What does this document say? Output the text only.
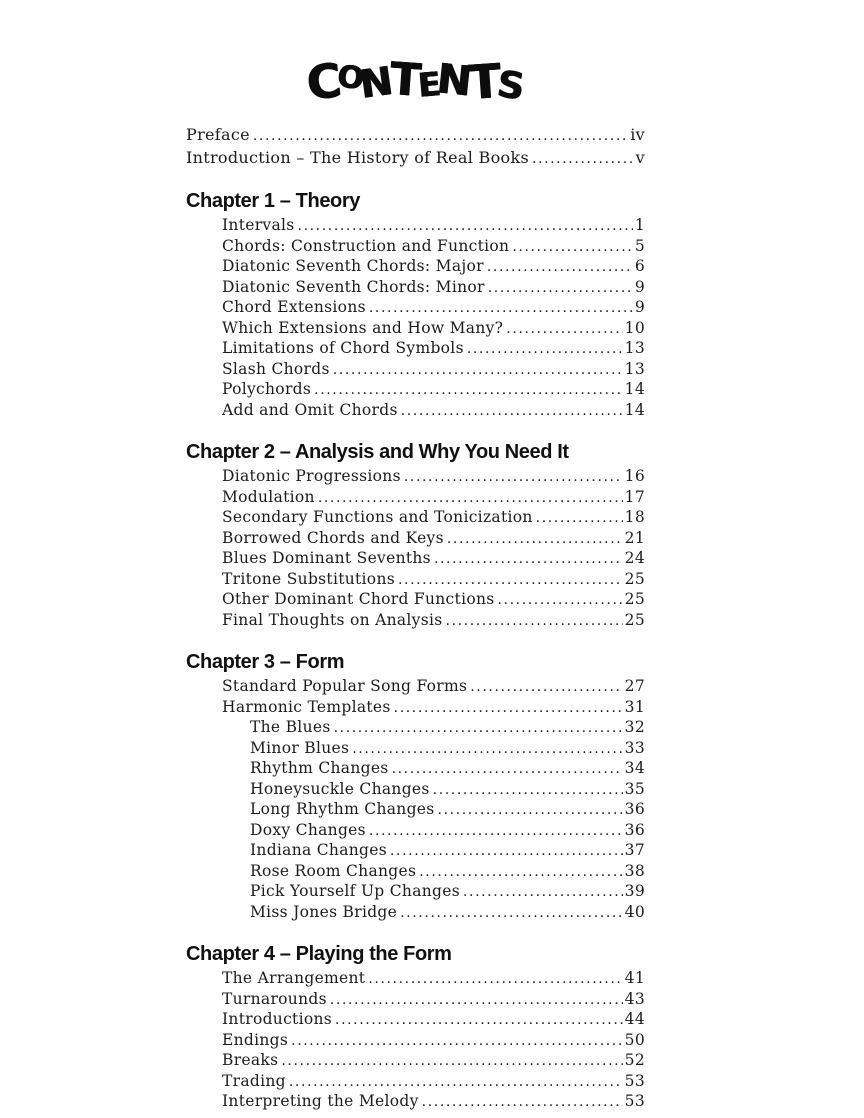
C
O
N
T
E
N
T
S
Preface .....	iv
Introduction – The History of Real Books .....	v
Chapter 1 – Theory
Intervals .....	1
Chords: Construction and Function .....	5
Diatonic Seventh Chords: Major .....	6
Diatonic Seventh Chords: Minor .....	9
Chord Extensions .....	9
Which Extensions and How Many? .....	10
Limitations of Chord Symbols .....	13
Slash Chords .....	13
Polychords .....	14
Add and Omit Chords .....	14
Chapter 2 – Analysis and Why You Need It
Diatonic Progressions .....	16
Modulation .....	17
Secondary Functions and Tonicization .....	18
Borrowed Chords and Keys .....	21
Blues Dominant Sevenths .....	24
Tritone Substitutions .....	25
Other Dominant Chord Functions .....	25
Final Thoughts on Analysis .....	25
Chapter 3 – Form
Standard Popular Song Forms .....	27
Harmonic Templates .....	31
The Blues .....	32
Minor Blues .....	33
Rhythm Changes .....	34
Honeysuckle Changes .....	35
Long Rhythm Changes .....	36
Doxy Changes .....	36
Indiana Changes .....	37
Rose Room Changes .....	38
Pick Yourself Up Changes .....	39
Miss Jones Bridge .....	40
Chapter 4 – Playing the Form
The Arrangement .....	41
Turnarounds .....	43
Introductions .....	44
Endings .....	50
Breaks .....	52
Trading .....	53
Interpreting the Melody .....	53
